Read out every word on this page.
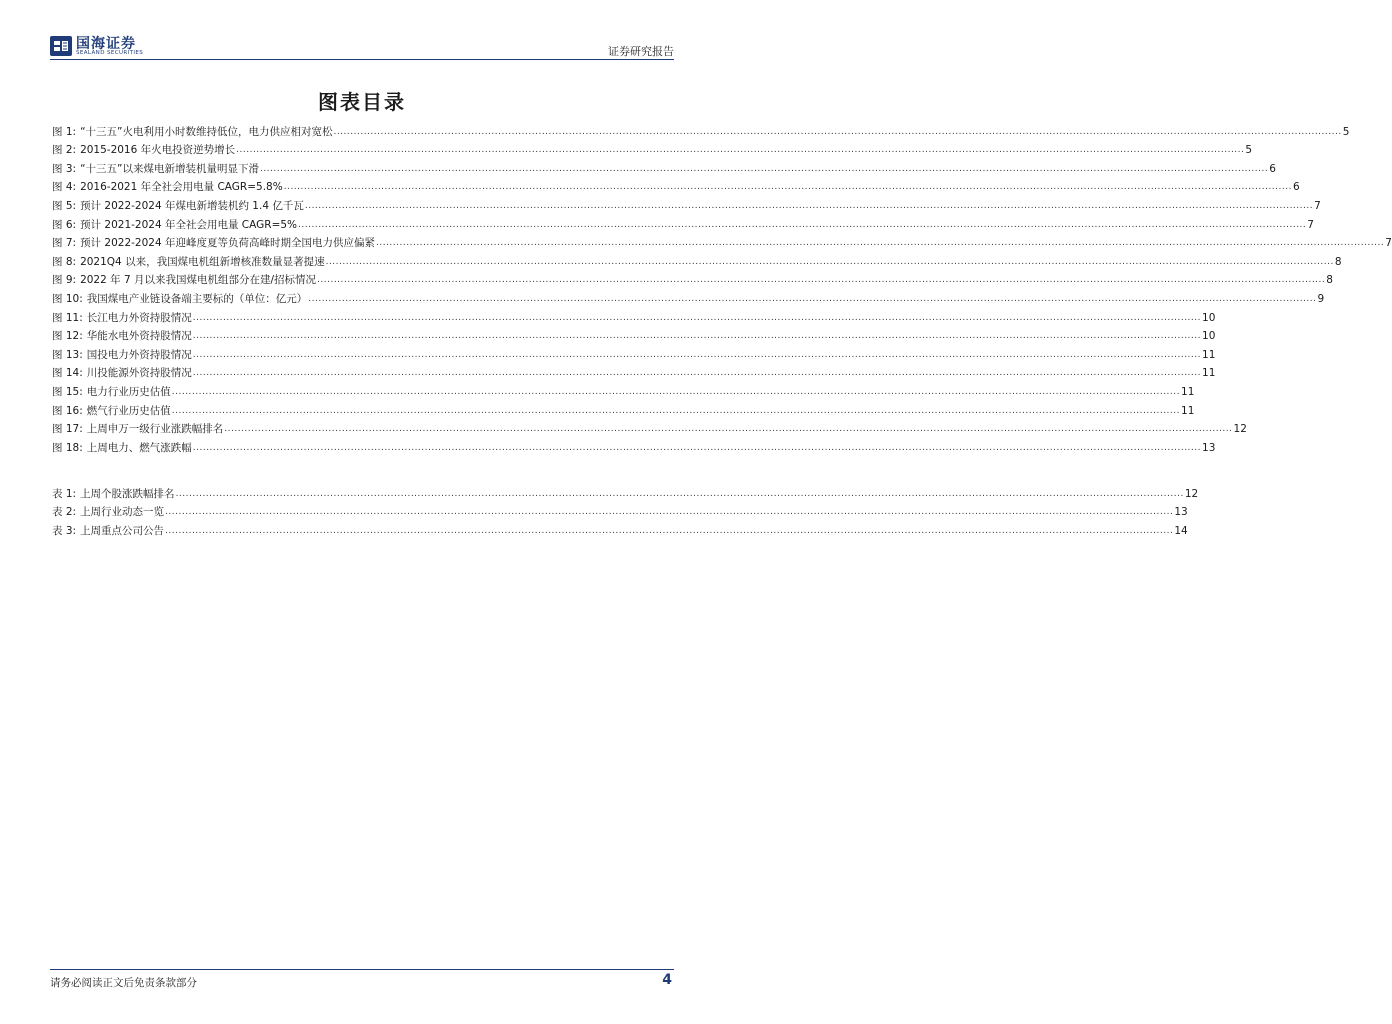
国海证券
SEALAND SECURITIES	证券研究报告
图表目录
图 1: “十三五”火电利用小时数维持低位，电力供应相对宽松 ............................................................................................................................................................................................................................................................................................................ 5
图 2: 2015-2016 年火电投资逆势增长 ............................................................................................................................................................................................................................................................................................................ 5
图 3: “十三五”以来煤电新增装机量明显下滑 ............................................................................................................................................................................................................................................................................................................ 6
图 4: 2016-2021 年全社会用电量 CAGR=5.8% ............................................................................................................................................................................................................................................................................................................ 6
图 5: 预计 2022-2024 年煤电新增装机约 1.4 亿千瓦 ............................................................................................................................................................................................................................................................................................................ 7
图 6: 预计 2021-2024 年全社会用电量 CAGR=5% ............................................................................................................................................................................................................................................................................................................ 7
图 7: 预计 2022-2024 年迎峰度夏等负荷高峰时期全国电力供应偏紧 ............................................................................................................................................................................................................................................................................................................ 7
图 8: 2021Q4 以来，我国煤电机组新增核准数量显著提速 ............................................................................................................................................................................................................................................................................................................ 8
图 9: 2022 年 7 月以来我国煤电机组部分在建/招标情况 ............................................................................................................................................................................................................................................................................................................ 8
图 10: 我国煤电产业链设备端主要标的（单位：亿元） ............................................................................................................................................................................................................................................................................................................ 9
图 11: 长江电力外资持股情况 ............................................................................................................................................................................................................................................................................................................ 10
图 12: 华能水电外资持股情况 ............................................................................................................................................................................................................................................................................................................ 10
图 13: 国投电力外资持股情况 ............................................................................................................................................................................................................................................................................................................ 11
图 14: 川投能源外资持股情况 ............................................................................................................................................................................................................................................................................................................ 11
图 15: 电力行业历史估值 ............................................................................................................................................................................................................................................................................................................ 11
图 16: 燃气行业历史估值 ............................................................................................................................................................................................................................................................................................................ 11
图 17: 上周申万一级行业涨跌幅排名 ............................................................................................................................................................................................................................................................................................................ 12
图 18: 上周电力、燃气涨跌幅 ............................................................................................................................................................................................................................................................................................................ 13
表 1: 上周个股涨跌幅排名 ............................................................................................................................................................................................................................................................................................................ 12
表 2: 上周行业动态一览 ............................................................................................................................................................................................................................................................................................................ 13
表 3: 上周重点公司公告 ............................................................................................................................................................................................................................................................................................................ 14
请务必阅读正文后免责条款部分	4
